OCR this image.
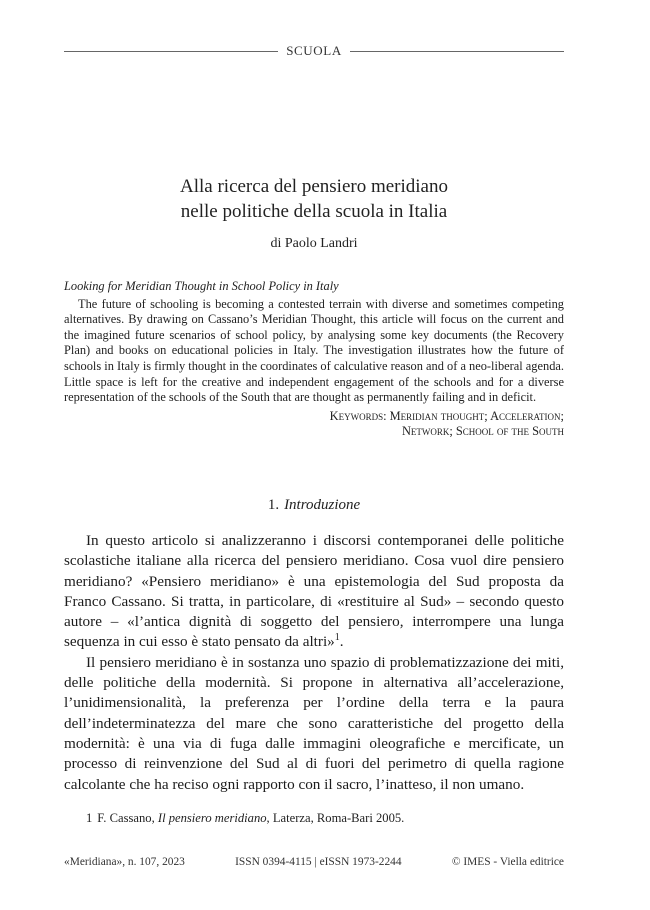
SCUOLA
Alla ricerca del pensiero meridiano
nelle politiche della scuola in Italia
di Paolo Landri

Looking for Meridian Thought in School Policy in Italy

The future of schooling is becoming a contested terrain with diverse and sometimes competing alternatives. By drawing on Cassano’s Meridian Thought, this article will focus on the current and the imagined future scenarios of school policy, by analysing some key documents (the Recovery Plan) and books on educational policies in Italy. The investigation illustrates how the future of schools in Italy is firmly thought in the coordinates of calculative reason and of a neo-liberal agenda. Little space is left for the creative and independent engagement of the schools and for a diverse representation of the schools of the South that are thought as permanently failing and in deficit.

Keywords: Meridian thought; Acceleration;
Network; School of the South
1. Introduzione

In questo articolo si analizzeranno i discorsi contemporanei delle politiche scolastiche italiane alla ricerca del pensiero meridiano. Cosa vuol dire pensiero meridiano? «Pensiero meridiano» è una epistemologia del Sud proposta da Franco Cassano. Si tratta, in particolare, di «restituire al Sud» – secondo questo autore – «l’antica dignità di soggetto del pensiero, interrompere una lunga sequenza in cui esso è stato pensato da altri»$^1$.

Il pensiero meridiano è in sostanza uno spazio di problematizzazione dei miti, delle politiche della modernità. Si propone in alternativa all’accelerazione, l’unidimensionalità, la preferenza per l’ordine della terra e la paura dell’indeterminatezza del mare che sono caratteristiche del progetto della modernità: è una via di fuga dalle immagini oleografiche e mercificate, un processo di reinvenzione del Sud al di fuori del perimetro di quella ragione calcolante che ha reciso ogni rapporto con il sacro, l’inatteso, il non umano.

1 F. Cassano, Il pensiero meridiano, Laterza, Roma-Bari 2005.
«Meridiana», n. 107, 2023	ISSN 0394-4115 | eISSN 1973-2244	© IMES - Viella editrice
